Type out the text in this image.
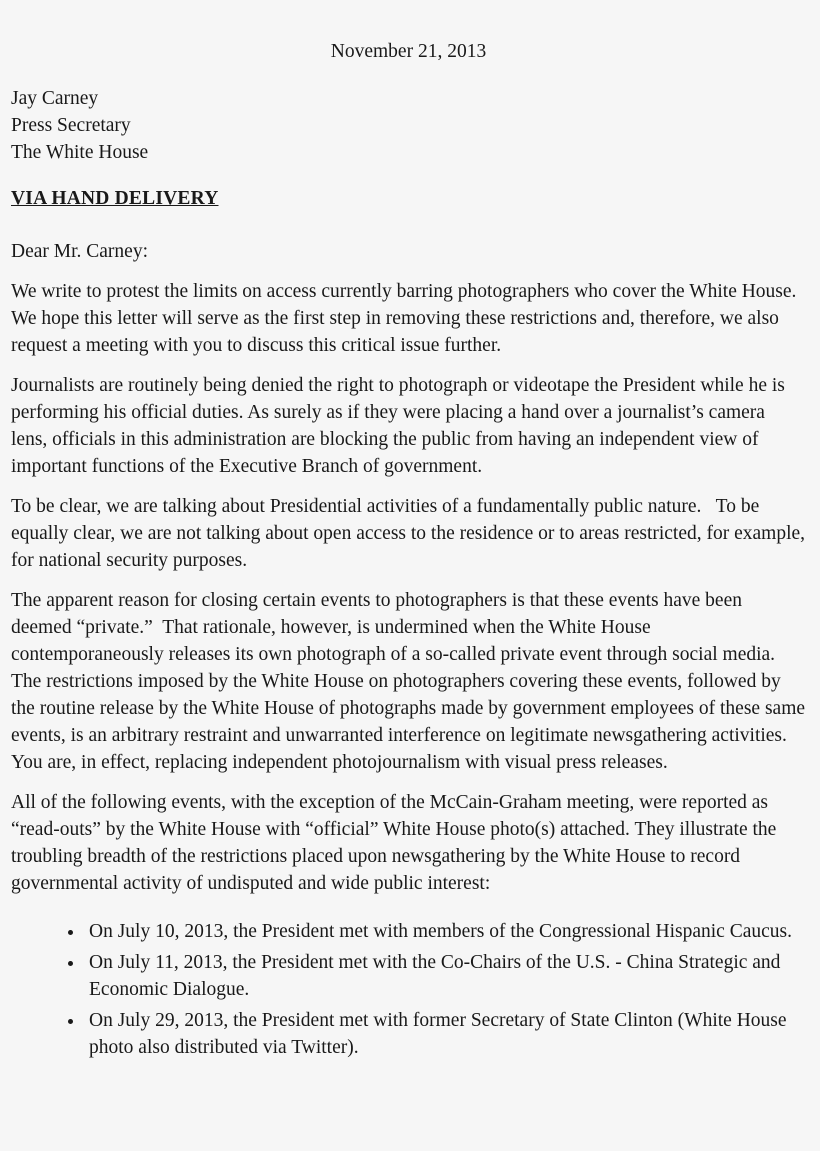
November 21, 2013
Jay Carney
Press Secretary
The White House
VIA HAND DELIVERY
Dear Mr. Carney:

We write to protest the limits on access currently barring photographers who cover the White House.   We hope this letter will serve as the first step in removing these restrictions and, therefore, we also request a meeting with you to discuss this critical issue further.

Journalists are routinely being denied the right to photograph or videotape the President while he is performing his official duties. As surely as if they were placing a hand over a journalist’s camera lens, officials in this administration are blocking the public from having an independent view of important functions of the Executive Branch of government.

To be clear, we are talking about Presidential activities of a fundamentally public nature.   To be equally clear, we are not talking about open access to the residence or to areas restricted, for example, for national security purposes.

The apparent reason for closing certain events to photographers is that these events have been deemed “private.”  That rationale, however, is undermined when the White House contemporaneously releases its own photograph of a so-called private event through social media.  The restrictions imposed by the White House on photographers covering these events, followed by the routine release by the White House of photographs made by government employees of these same events, is an arbitrary restraint and unwarranted interference on legitimate newsgathering activities.   You are, in effect, replacing independent photojournalism with visual press releases.

All of the following events, with the exception of the McCain-Graham meeting, were reported as “read-outs” by the White House with “official” White House photo(s) attached. They illustrate the troubling breadth of the restrictions placed upon newsgathering by the White House to record governmental activity of undisputed and wide public interest:

• On July 10, 2013, the President met with members of the Congressional Hispanic Caucus.
• On July 11, 2013, the President met with the Co-Chairs of the U.S. - China Strategic and Economic Dialogue.
• On July 29, 2013, the President met with former Secretary of State Clinton (White House photo also distributed via Twitter).
